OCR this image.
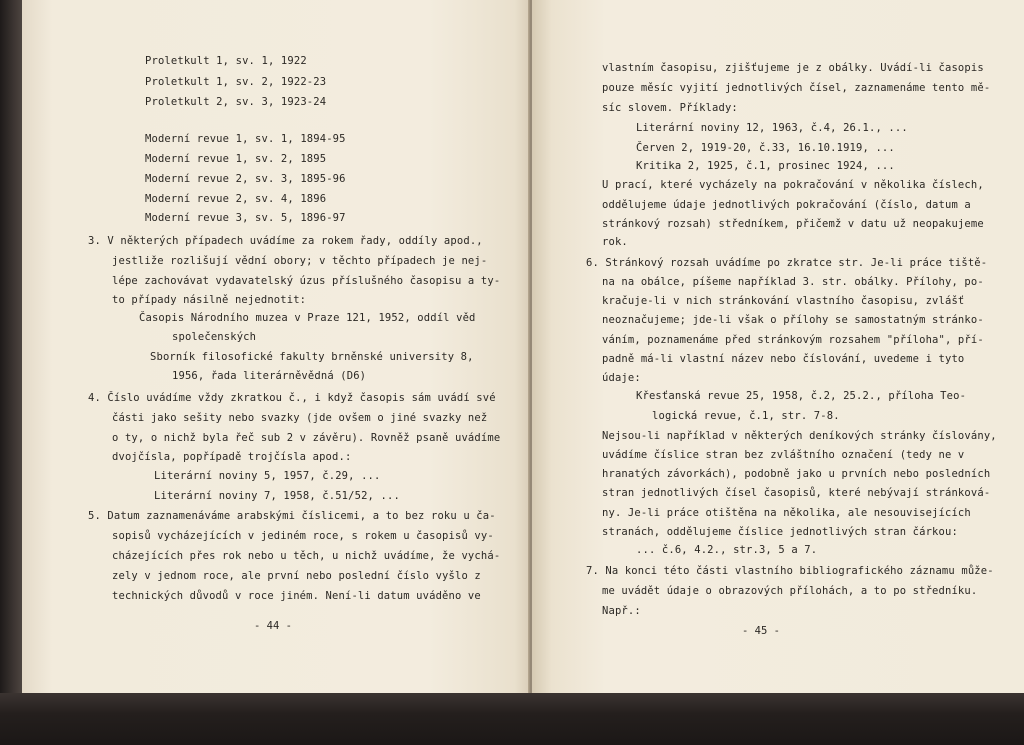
Proletkult 1, sv. 1, 1922
Proletkult 1, sv. 2, 1922-23
Proletkult 2, sv. 3, 1923-24
Moderní revue 1, sv. 1, 1894-95
Moderní revue 1, sv. 2, 1895
Moderní revue 2, sv. 3, 1895-96
Moderní revue 2, sv. 4, 1896
Moderní revue 3, sv. 5, 1896-97
3. V některých případech uvádíme za rokem řady, oddíly apod.,
jestliže rozlišují vědní obory; v těchto případech je nej-
lépe zachovávat vydavatelský úzus příslušného časopisu a ty-
to případy násilně nejednotit:
Časopis Národního muzea v Praze 121, 1952, oddíl věd
společenských
Sborník filosofické fakulty brněnské university 8,
1956, řada literárněvědná (D6)
4. Číslo uvádíme vždy zkratkou č., i když časopis sám uvádí své
části jako sešity nebo svazky (jde ovšem o jiné svazky než
o ty, o nichž byla řeč sub 2 v závěru). Rovněž psaně uvádíme
dvojčísla, popřípadě trojčísla apod.:
Literární noviny 5, 1957, č.29, ...
Literární noviny 7, 1958, č.51/52, ...
5. Datum zaznamenáváme arabskými číslicemi, a to bez roku u ča-
sopisů vycházejících v jediném roce, s rokem u časopisů vy-
cházejících přes rok nebo u těch, u nichž uvádíme, že vychá-
zely v jednom roce, ale první nebo poslední číslo vyšlo z
technických důvodů v roce jiném. Není-li datum uváděno ve
- 44 -
vlastním časopisu, zjišťujeme je z obálky. Uvádí-li časopis
pouze měsíc vyjití jednotlivých čísel, zaznamenáme tento mě-
síc slovem. Příklady:
Literární noviny 12, 1963, č.4, 26.1., ...
Červen 2, 1919-20, č.33, 16.10.1919, ...
Kritika 2, 1925, č.1, prosinec 1924, ...
U prací, které vycházely na pokračování v několika číslech,
oddělujeme údaje jednotlivých pokračování (číslo, datum a
stránkový rozsah) středníkem, přičemž v datu už neopakujeme
rok.
6. Stránkový rozsah uvádíme po zkratce str. Je-li práce tiště-
na na obálce, píšeme například 3. str. obálky. Přílohy, po-
kračuje-li v nich stránkování vlastního časopisu, zvlášť
neoznačujeme; jde-li však o přílohy se samostatným stránko-
váním, poznamenáme před stránkovým rozsahem "příloha", pří-
padně má-li vlastní název nebo číslování, uvedeme i tyto
údaje:
Křesťanská revue 25, 1958, č.2, 25.2., příloha Teo-
logická revue, č.1, str. 7-8.
Nejsou-li například v některých deníkových stránky číslovány,
uvádíme číslice stran bez zvláštního označení (tedy ne v
hranatých závorkách), podobně jako u prvních nebo posledních
stran jednotlivých čísel časopisů, které nebývají stránková-
ny. Je-li práce otištěna na několika, ale nesouvisejících
stranách, oddělujeme číslice jednotlivých stran čárkou:
... č.6, 4.2., str.3, 5 a 7.
7. Na konci této části vlastního bibliografického záznamu může-
me uvádět údaje o obrazových přílohách, a to po středníku.
Např.:
- 45 -
